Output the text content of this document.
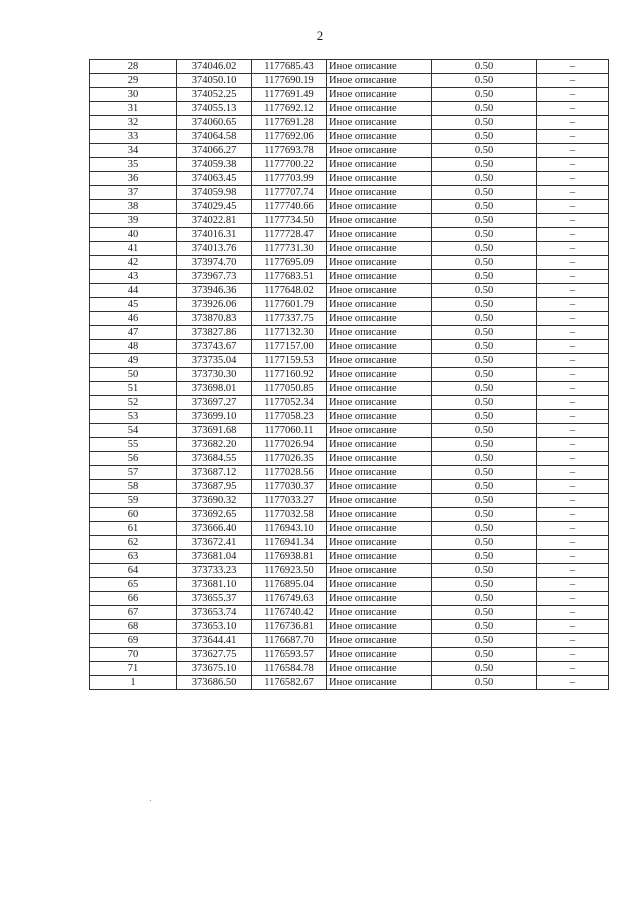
2
28	374046.02	1177685.43	Иное описание	0.50	–
29	374050.10	1177690.19	Иное описание	0.50	–
30	374052.25	1177691.49	Иное описание	0.50	–
31	374055.13	1177692.12	Иное описание	0.50	–
32	374060.65	1177691.28	Иное описание	0.50	–
33	374064.58	1177692.06	Иное описание	0.50	–
34	374066.27	1177693.78	Иное описание	0.50	–
35	374059.38	1177700.22	Иное описание	0.50	–
36	374063.45	1177703.99	Иное описание	0.50	–
37	374059.98	1177707.74	Иное описание	0.50	–
38	374029.45	1177740.66	Иное описание	0.50	–
39	374022.81	1177734.50	Иное описание	0.50	–
40	374016.31	1177728.47	Иное описание	0.50	–
41	374013.76	1177731.30	Иное описание	0.50	–
42	373974.70	1177695.09	Иное описание	0.50	–
43	373967.73	1177683.51	Иное описание	0.50	–
44	373946.36	1177648.02	Иное описание	0.50	–
45	373926.06	1177601.79	Иное описание	0.50	–
46	373870.83	1177337.75	Иное описание	0.50	–
47	373827.86	1177132.30	Иное описание	0.50	–
48	373743.67	1177157.00	Иное описание	0.50	–
49	373735.04	1177159.53	Иное описание	0.50	–
50	373730.30	1177160.92	Иное описание	0.50	–
51	373698.01	1177050.85	Иное описание	0.50	–
52	373697.27	1177052.34	Иное описание	0.50	–
53	373699.10	1177058.23	Иное описание	0.50	–
54	373691.68	1177060.11	Иное описание	0.50	–
55	373682.20	1177026.94	Иное описание	0.50	–
56	373684.55	1177026.35	Иное описание	0.50	–
57	373687.12	1177028.56	Иное описание	0.50	–
58	373687.95	1177030.37	Иное описание	0.50	–
59	373690.32	1177033.27	Иное описание	0.50	–
60	373692.65	1177032.58	Иное описание	0.50	–
61	373666.40	1176943.10	Иное описание	0.50	–
62	373672.41	1176941.34	Иное описание	0.50	–
63	373681.04	1176938.81	Иное описание	0.50	–
64	373733.23	1176923.50	Иное описание	0.50	–
65	373681.10	1176895.04	Иное описание	0.50	–
66	373655.37	1176749.63	Иное описание	0.50	–
67	373653.74	1176740.42	Иное описание	0.50	–
68	373653.10	1176736.81	Иное описание	0.50	–
69	373644.41	1176687.70	Иное описание	0.50	–
70	373627.75	1176593.57	Иное описание	0.50	–
71	373675.10	1176584.78	Иное описание	0.50	–
1	373686.50	1176582.67	Иное описание	0.50	–
